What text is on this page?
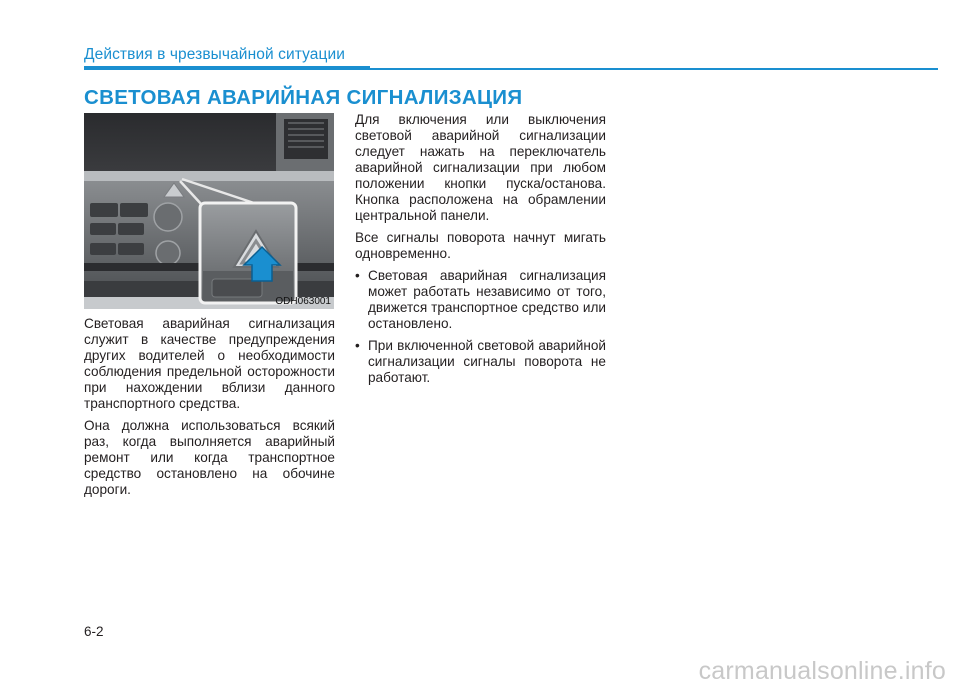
Действия в чрезвычайной ситуации
СВЕТОВАЯ АВАРИЙНАЯ СИГНАЛИЗАЦИЯ
ODH063001

Световая аварийная сигнализация служит в качестве предупреждения других водителей о необходимости соблюдения предельной осторожности при нахождении вблизи данного транспортного средства.

Она должна использоваться всякий раз, когда выполняется аварийный ремонт или когда транспортное средство остановлено на обочине дороги.

Для включения или выключения световой аварийной сигнализации следует нажать на переключатель аварийной сигнализации при любом положении кнопки пуска/останова. Кнопка расположена на обрамлении центральной панели.

Все сигналы поворота начнут мигать одновременно.

• Световая аварийная сигнализация может работать независимо от того, движется транспортное средство или остановлено.
• При включенной световой аварийной сигнализации сигналы поворота не работают.
6-2
carmanualsonline.info
